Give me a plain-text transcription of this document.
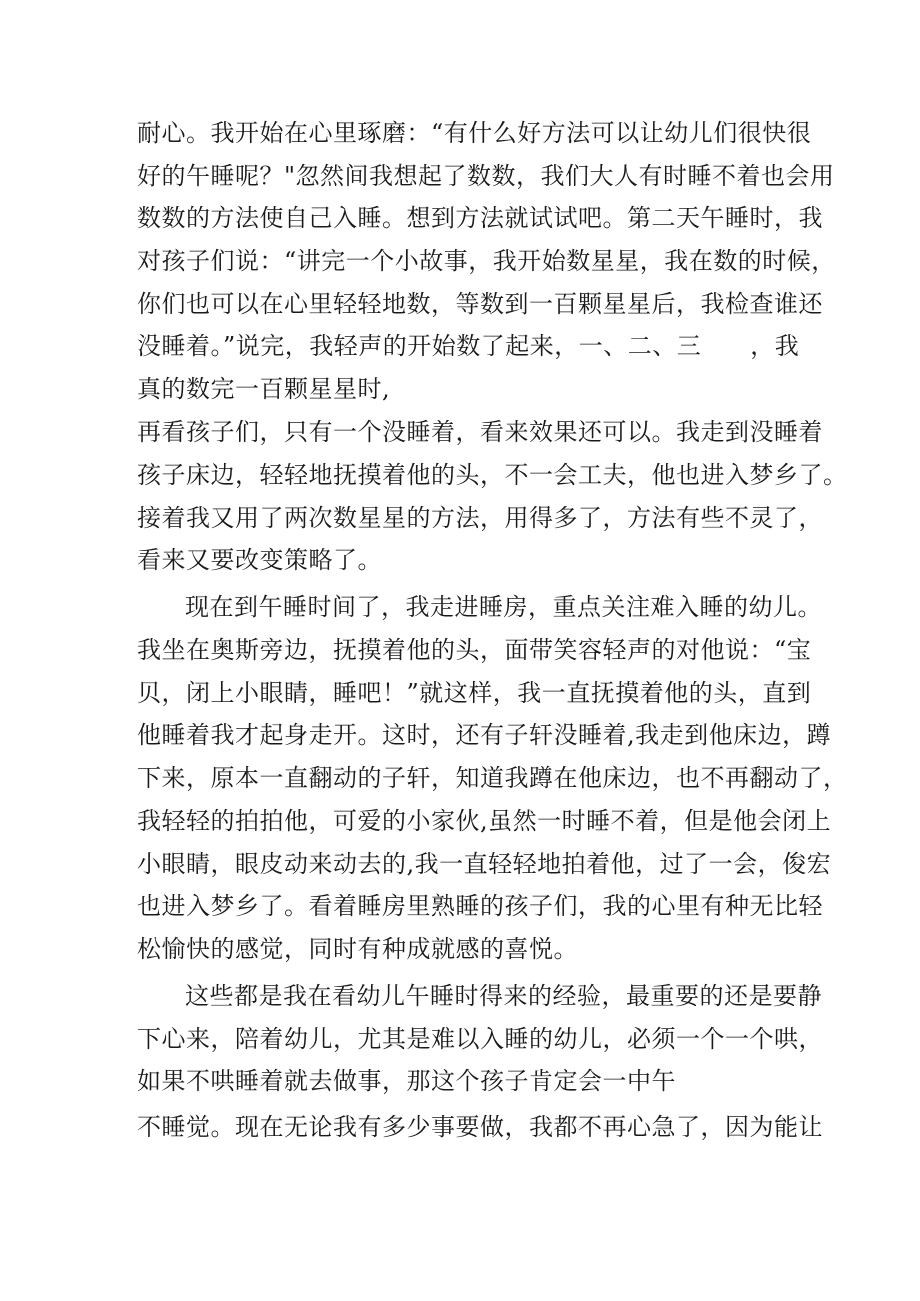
耐心。我开始在心里琢磨：“有什么好方法可以让幼儿们很快很
好的午睡呢？"忽然间我想起了数数，我们大人有时睡不着也会用
数数的方法使自己入睡。想到方法就试试吧。第二天午睡时，我
对孩子们说：“讲完一个小故事，我开始数星星，我在数的时候，
你们也可以在心里轻轻地数，等数到一百颗星星后，我检查谁还
没睡着。”说完，我轻声的开始数了起来，一、二、三　　，我
真的数完一百颗星星时,
再看孩子们，只有一个没睡着，看来效果还可以。我走到没睡着
孩子床边，轻轻地抚摸着他的头，不一会工夫，他也进入梦乡了。
接着我又用了两次数星星的方法，用得多了，方法有些不灵了，
看来又要改变策略了。
现在到午睡时间了，我走进睡房，重点关注难入睡的幼儿。
我坐在奥斯旁边，抚摸着他的头，面带笑容轻声的对他说：“宝
贝，闭上小眼睛，睡吧！”就这样，我一直抚摸着他的头，直到
他睡着我才起身走开。这时，还有子轩没睡着,我走到他床边，蹲
下来，原本一直翻动的子轩，知道我蹲在他床边，也不再翻动了，
我轻轻的拍拍他，可爱的小家伙,虽然一时睡不着，但是他会闭上
小眼睛，眼皮动来动去的,我一直轻轻地拍着他，过了一会，俊宏
也进入梦乡了。看着睡房里熟睡的孩子们，我的心里有种无比轻
松愉快的感觉，同时有种成就感的喜悦。
这些都是我在看幼儿午睡时得来的经验，最重要的还是要静
下心来，陪着幼儿，尤其是难以入睡的幼儿，必须一个一个哄，
如果不哄睡着就去做事，那这个孩子肯定会一中午
不睡觉。现在无论我有多少事要做，我都不再心急了，因为能让
